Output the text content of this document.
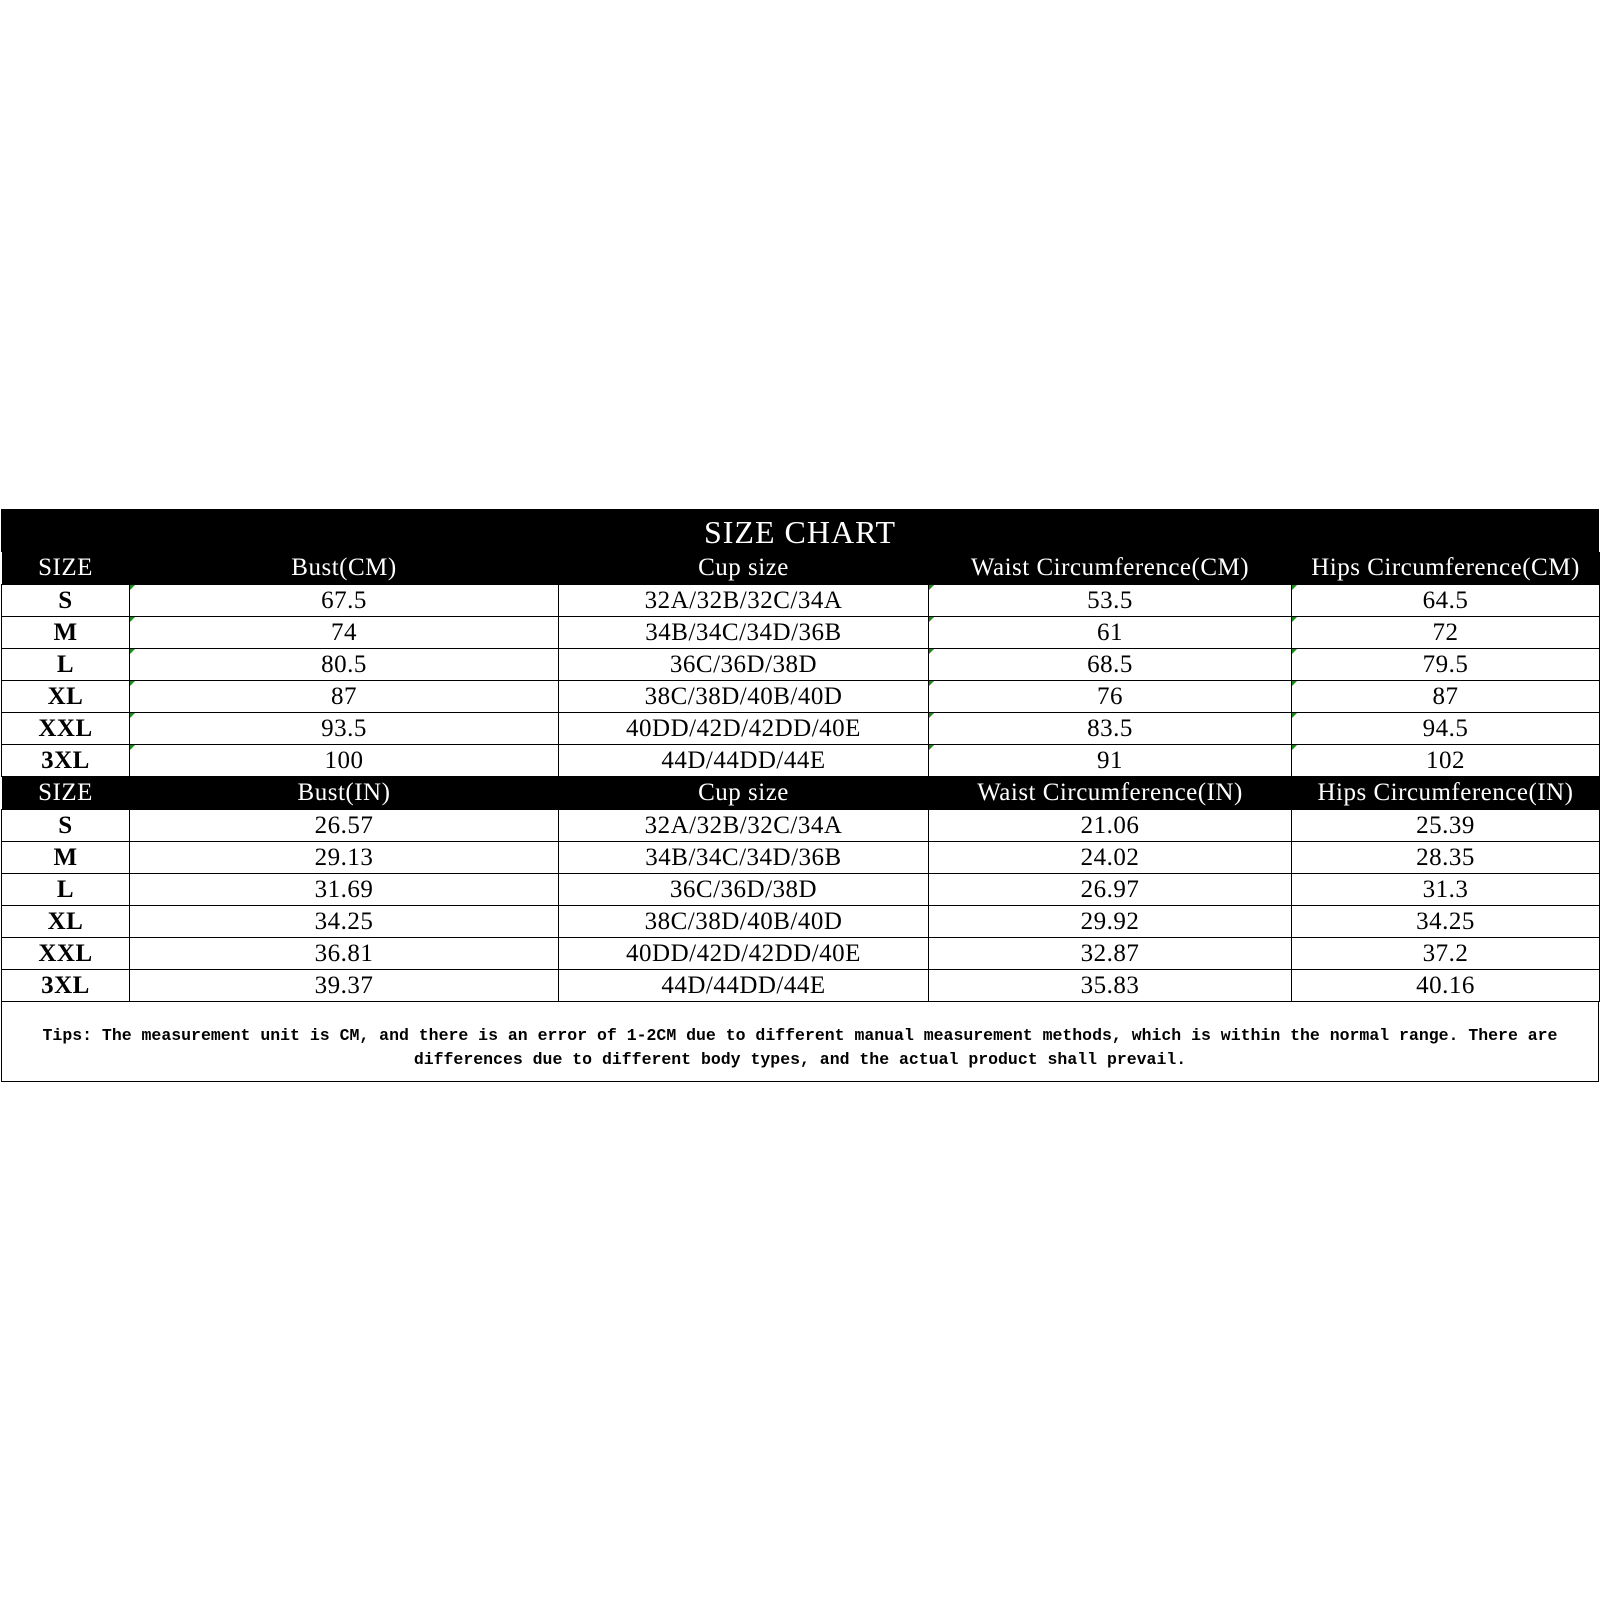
SIZE CHART
SIZE	Bust(CM)	Cup size	Waist Circumference(CM)	Hips Circumference(CM)
S	67.5	32A/32B/32C/34A	53.5	64.5

M	74	34B/34C/34D/36B	61	72

L	80.5	36C/36D/38D	68.5	79.5

XL	87	38C/38D/40B/40D	76	87

XXL	93.5	40DD/42D/42DD/40E	83.5	94.5

3XL	100	44D/44DD/44E	91	102

SIZE	Bust(IN)	Cup size	Waist Circumference(IN)	Hips Circumference(IN)
S	26.57	32A/32B/32C/34A	21.06	25.39
M	29.13	34B/34C/34D/36B	24.02	28.35
L	31.69	36C/36D/38D	26.97	31.3
XL	34.25	38C/38D/40B/40D	29.92	34.25
XXL	36.81	40DD/42D/42DD/40E	32.87	37.2
3XL	39.37	44D/44DD/44E	35.83	40.16
Tips: The measurement unit is CM, and there is an error of 1-2CM due to different manual measurement methods, which is within the normal range. There are differences due to different body types, and the actual product shall prevail.
